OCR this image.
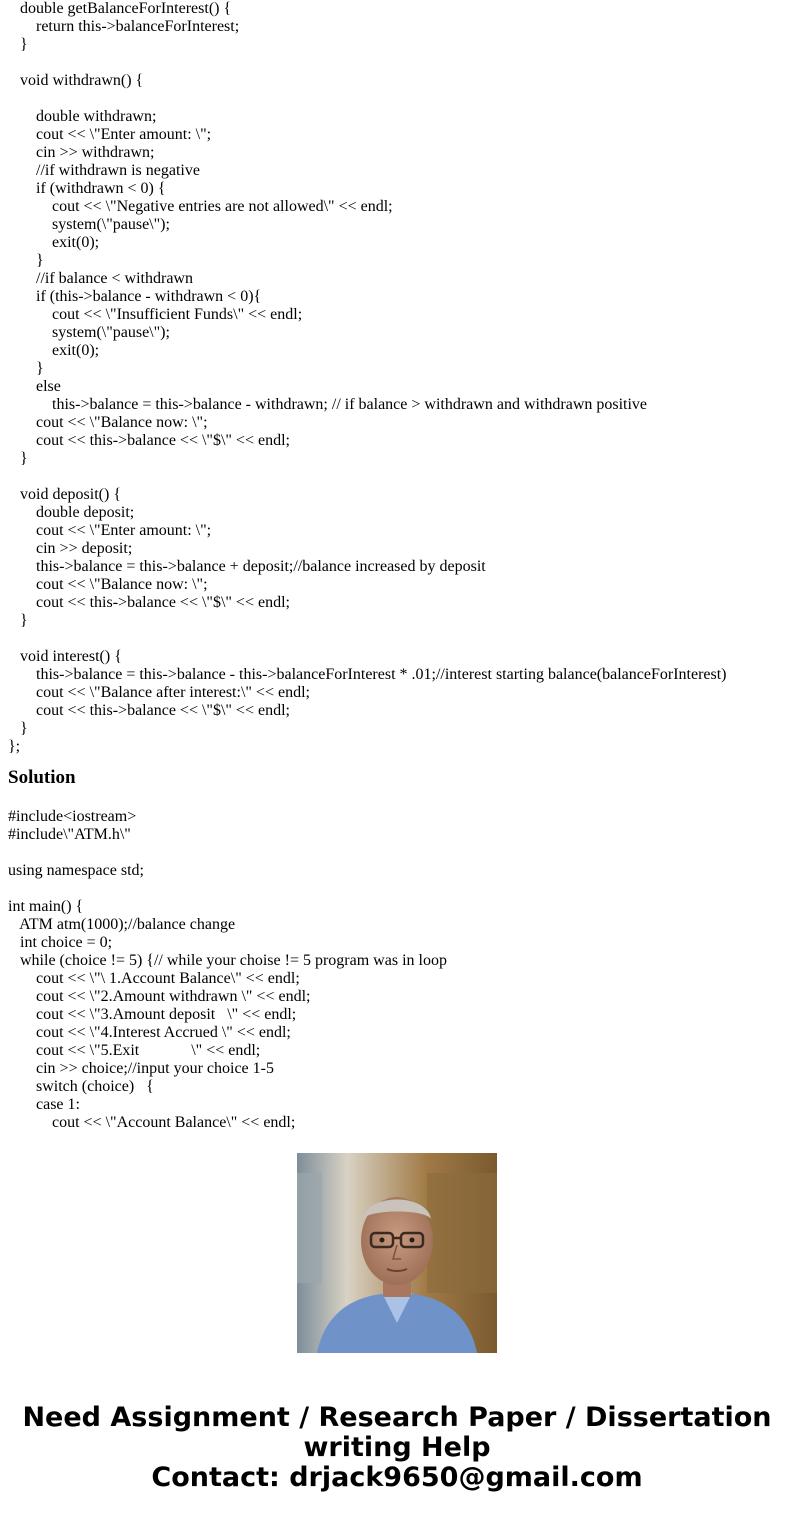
double getBalanceForInterest() {
return this->balanceForInterest;
}

void withdrawn() {

double withdrawn;
cout << \"Enter amount: \";
cin >> withdrawn;
//if withdrawn is negative
if (withdrawn < 0) {
cout << \"Negative entries are not allowed\" << endl;
system(\"pause\");
exit(0);
}
//if balance < withdrawn
if (this->balance - withdrawn < 0){
cout << \"Insufficient Funds\" << endl;
system(\"pause\");
exit(0);
}
else
this->balance = this->balance - withdrawn; // if balance > withdrawn and withdrawn positive
cout << \"Balance now: \";
cout << this->balance << \"$\" << endl;
}

void deposit() {
double deposit;
cout << \"Enter amount: \";
cin >> deposit;
this->balance = this->balance + deposit;//balance increased by deposit
cout << \"Balance now: \";
cout << this->balance << \"$\" << endl;
}

void interest() {
this->balance = this->balance - this->balanceForInterest * .01;//interest starting balance(balanceForInterest)
cout << \"Balance after interest:\" << endl;
cout << this->balance << \"$\" << endl;
}
};
Solution
#include<iostream>
#include\"ATM.h\"

using namespace std;

int main() {
ATM atm(1000);//balance change
int choice = 0;
while (choice != 5) {// while your choise != 5 program was in loop
cout << \"\ 1.Account Balance\" << endl;
cout << \"2.Amount withdrawn \" << endl;
cout << \"3.Amount deposit   \" << endl;
cout << \"4.Interest Accrued \" << endl;
cout << \"5.Exit             \" << endl;
cin >> choice;//input your choice 1-5
switch (choice)   {
case 1:
cout << \"Account Balance\" << endl;
Need Assignment / Research Paper / Dissertation
writing Help
Contact: drjack9650@gmail.com
